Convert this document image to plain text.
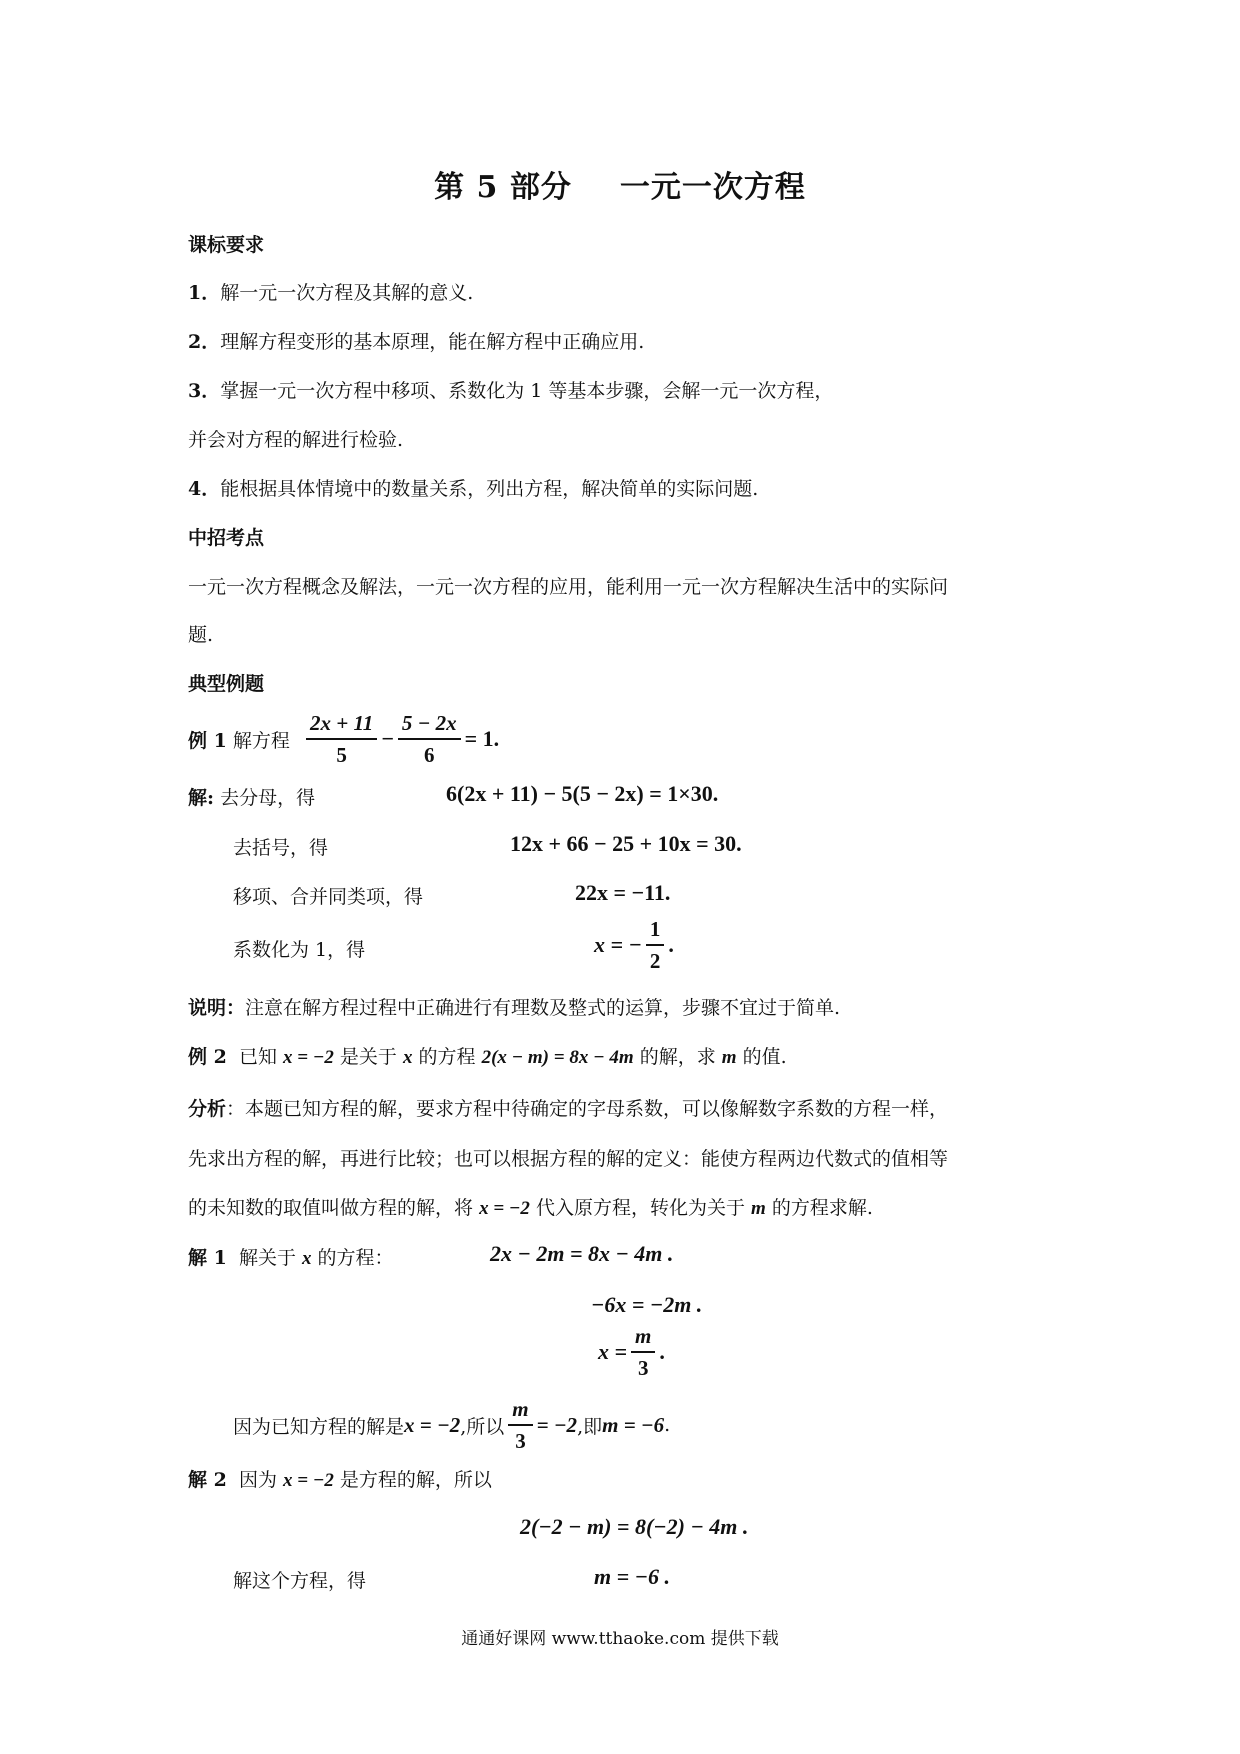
第 5 部分 一元一次方程
课标要求
1．解一元一次方程及其解的意义.
2．理解方程变形的基本原理，能在解方程中正确应用.
3．掌握一元一次方程中移项、系数化为 1 等基本步骤，会解一元一次方程，
并会对方程的解进行检验.
4．能根据具体情境中的数量关系，列出方程，解决简单的实际问题.
中招考点
一元一次方程概念及解法，一元一次方程的应用，能利用一元一次方程解决生活中的实际问
题.
典型例题
例 1
解方程
$\frac{2x + 11}{5} - \frac{5 - 2x}{6} = 1$.
解: 去分母，得	6(2x + 11) − 5(5 − 2x) = 1×30.
去括号，得	12x + 66 − 25 + 10x = 30.
移项、合并同类项，得	22x = −11.
系数化为 1，得	x = − $\frac{1}{2}$ .
说明：注意在解方程过程中正确进行有理数及整式的运算，步骤不宜过于简单.
例 2 已知 x = −2 是关于 x 的方程 2(x − m) = 8x − 4m 的解，求 m 的值.
分析：本题已知方程的解，要求方程中待确定的字母系数，可以像解数字系数的方程一样，
先求出方程的解，再进行比较；也可以根据方程的解的定义：能使方程两边代数式的值相等
的未知数的取值叫做方程的解，将 x = −2 代入原方程，转化为关于 m 的方程求解.
解 1 解关于 x 的方程：	2x − 2m = 8x − 4m .
−6x = −2m .
$x = \frac{m}{3}$ .
因为已知方程的解是 x = −2 ,所以 $\frac{m}{3} = -2$ ,即 m = −6 .
解 2 因为 x = −2 是方程的解，所以
2(−2 − m) = 8(−2) − 4m .
解这个方程，得	m = −6 .
通通好课网 www.tthaoke.com 提供下载
